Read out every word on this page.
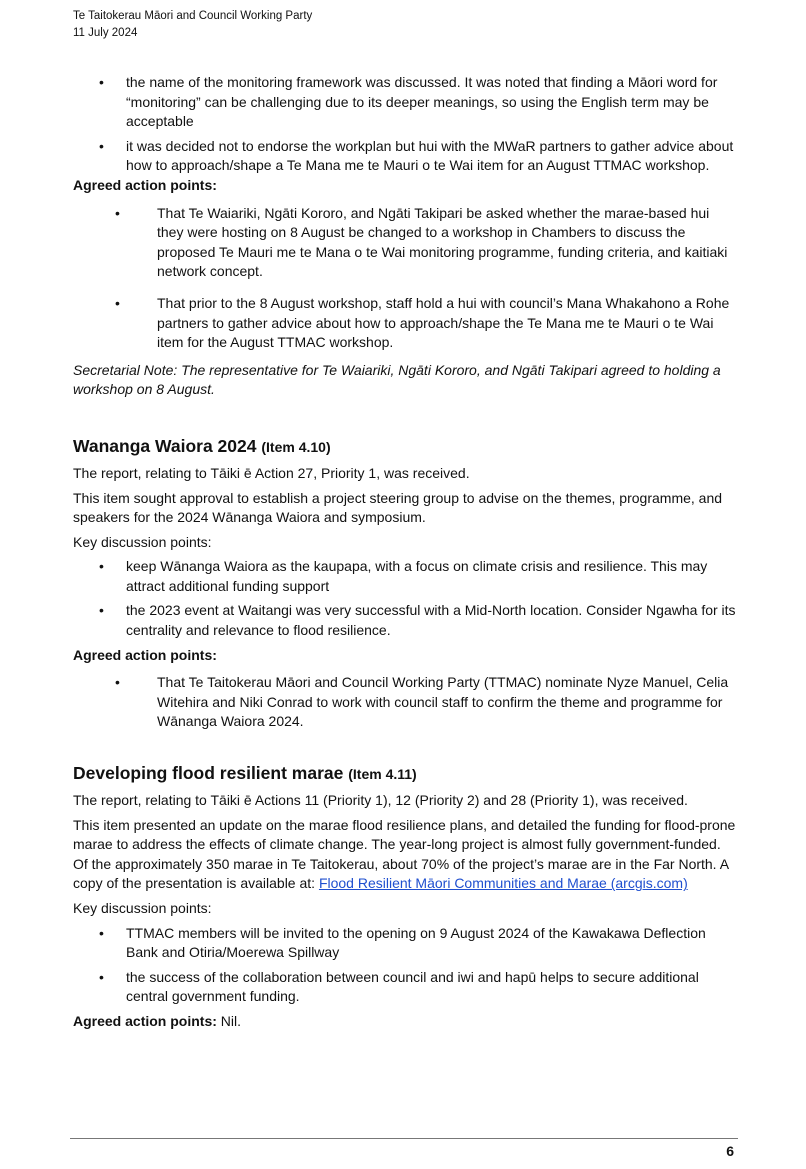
Te Taitokerau Māori and Council Working Party
11 July 2024
• the name of the monitoring framework was discussed. It was noted that finding a Māori word for “monitoring” can be challenging due to its deeper meanings, so using the English term may be acceptable
• it was decided not to endorse the workplan but hui with the MWaR partners to gather advice about how to approach/shape a Te Mana me te Mauri o te Wai item for an August TTMAC workshop.

Agreed action points:

• That Te Waiariki, Ngāti Kororo, and Ngāti Takipari be asked whether the marae-based hui they were hosting on 8 August be changed to a workshop in Chambers to discuss the proposed Te Mauri me te Mana o te Wai monitoring programme, funding criteria, and kaitiaki network concept.
• That prior to the 8 August workshop, staff hold a hui with council’s Mana Whakahono a Rohe partners to gather advice about how to approach/shape the Te Mana me te Mauri o te Wai item for the August TTMAC workshop.

Secretarial Note: The representative for Te Waiariki, Ngāti Kororo, and Ngāti Takipari agreed to holding a workshop on 8 August.

Wananga Waiora 2024 (Item 4.10)

The report, relating to Tāiki ē Action 27, Priority 1, was received.

This item sought approval to establish a project steering group to advise on the themes, programme, and speakers for the 2024 Wānanga Waiora and symposium.

Key discussion points:

• keep Wānanga Waiora as the kaupapa, with a focus on climate crisis and resilience. This may attract additional funding support
• the 2023 event at Waitangi was very successful with a Mid-North location. Consider Ngawha for its centrality and relevance to flood resilience.

Agreed action points:

• That Te Taitokerau Māori and Council Working Party (TTMAC) nominate Nyze Manuel, Celia Witehira and Niki Conrad to work with council staff to confirm the theme and programme for Wānanga Waiora 2024.
Developing flood resilient marae (Item 4.11)

The report, relating to Tāiki ē Actions 11 (Priority 1), 12 (Priority 2) and 28 (Priority 1), was received.

This item presented an update on the marae flood resilience plans, and detailed the funding for flood-prone marae to address the effects of climate change. The year-long project is almost fully government-funded. Of the approximately 350 marae in Te Taitokerau, about 70% of the project’s marae are in the Far North. A copy of the presentation is available at: Flood Resilient Māori Communities and Marae (arcgis.com)

Key discussion points:

• TTMAC members will be invited to the opening on 9 August 2024 of the Kawakawa Deflection Bank and Otiria/Moerewa Spillway
• the success of the collaboration between council and iwi and hapū helps to secure additional central government funding.

Agreed action points: Nil.

6
